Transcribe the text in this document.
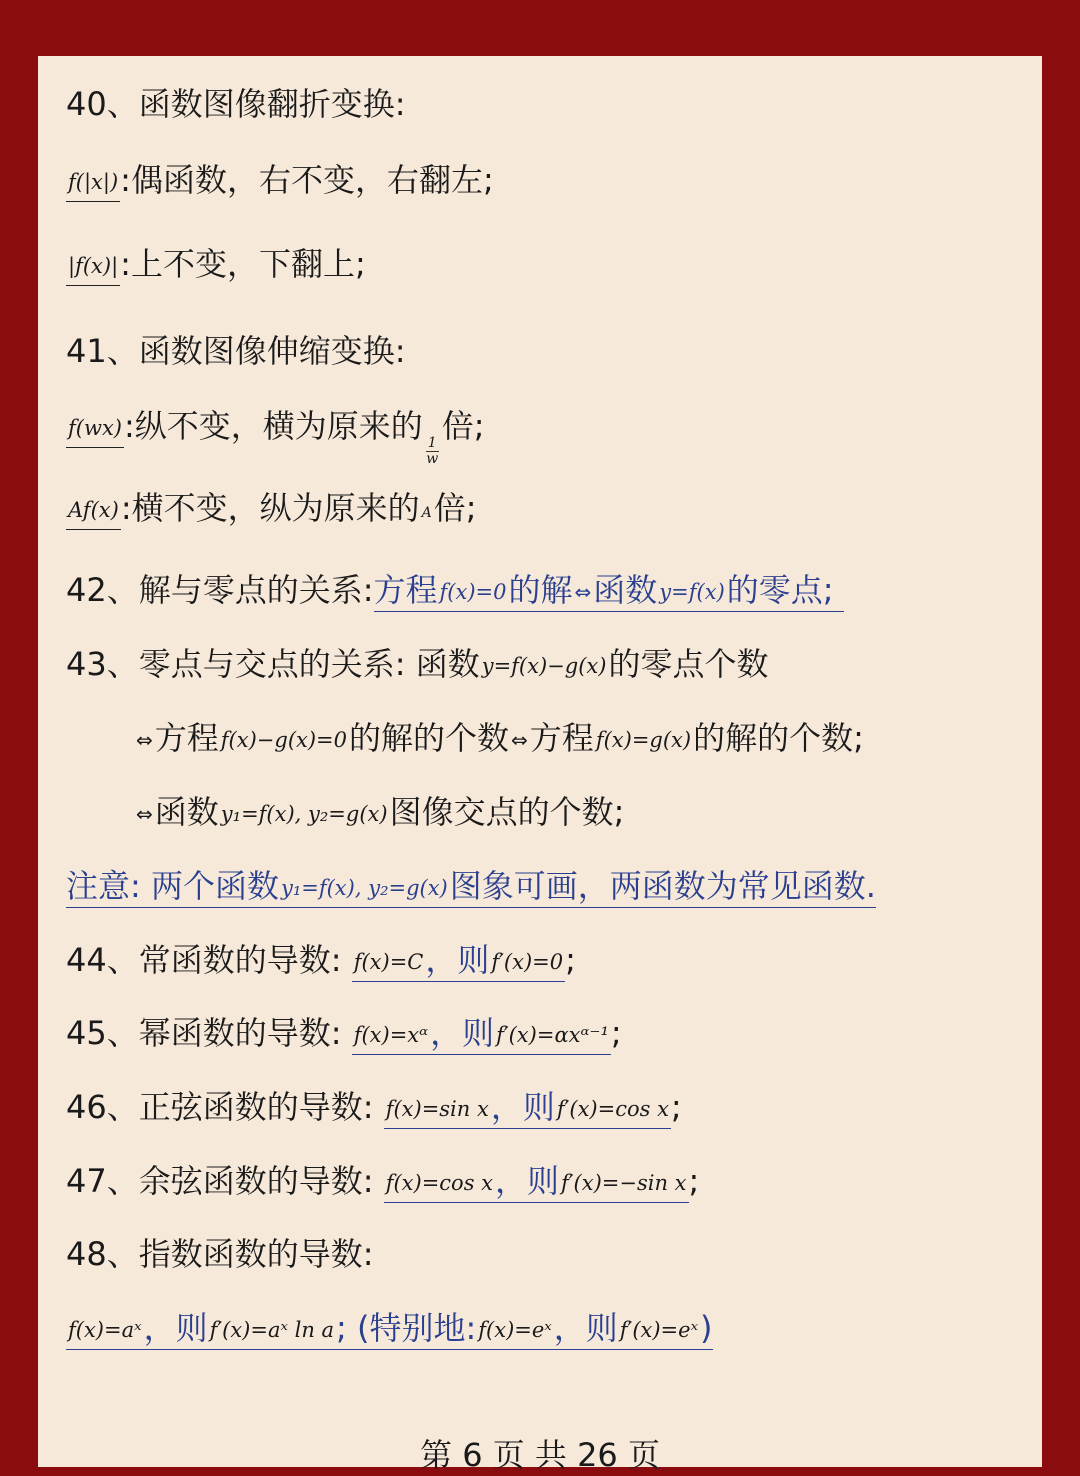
40、函数图像翻折变换:
f(|x|):偶函数，右不变，右翻左;
|f(x)|:上不变，下翻上;
41、函数图像伸缩变换:
f(wx):纵不变，横为原来的
$\frac{1}{w}$
倍;
Af(x):横不变，纵为原来的 A倍;
42、解与零点的关系:方程f(x)=0的解 ⇔函数y=f(x)的零点;
43、零点与交点的关系: 函数y=f(x)−g(x)的零点个数
⇔方程f(x)−g(x)=0的解的个数 ⇔方程f(x)=g(x)的解的个数;
⇔函数y₁=f(x), y₂=g(x)图像交点的个数;
注意: 两个函数y₁=f(x), y₂=g(x)图象可画，两函数为常见函数.
44、常函数的导数: f(x)=C，则f′(x)=0;
45、幂函数的导数: f(x)=xᵅ，则f′(x)=αxᵅ⁻¹;
46、正弦函数的导数: f(x)=sin x，则f′(x)=cos x;
47、余弦函数的导数: f(x)=cos x，则f′(x)=−sin x;
48、指数函数的导数:
f(x)=aˣ，则f′(x)=aˣ ln a; (特别地:f(x)=eˣ，则f′(x)=eˣ)
第 6 页 共 26 页
